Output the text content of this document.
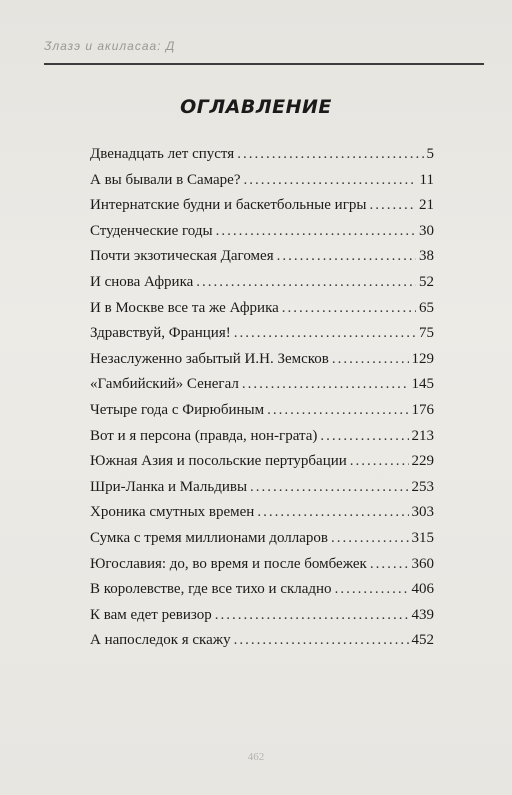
Ӡлазэ и акиласаа: Д
ОГЛАВЛЕНИЕ
Двенадцать лет спустя .....	5
А вы бывали в Самаре? .....	11
Интернатские будни и баскетбольные игры .....	21
Студенческие годы .....	30
Почти экзотическая Дагомея .....	38
И снова Африка .....	52
И в Москве все та же Африка .....	65
Здравствуй, Франция! .....	75
Незаслуженно забытый И.Н. Земсков .....	129
«Гамбийский» Сенегал .....	145
Четыре года с Фирюбиным .....	176
Вот и я персона (правда, нон-грата) .....	213
Южная Азия и посольские пертурбации .....	229
Шри-Ланка и Мальдивы .....	253
Хроника смутных времен .....	303
Сумка с тремя миллионами долларов .....	315
Югославия: до, во время и после бомбежек .....	360
В королевстве, где все тихо и складно .....	406
К вам едет ревизор .....	439
А напоследок я скажу .....	452
462
